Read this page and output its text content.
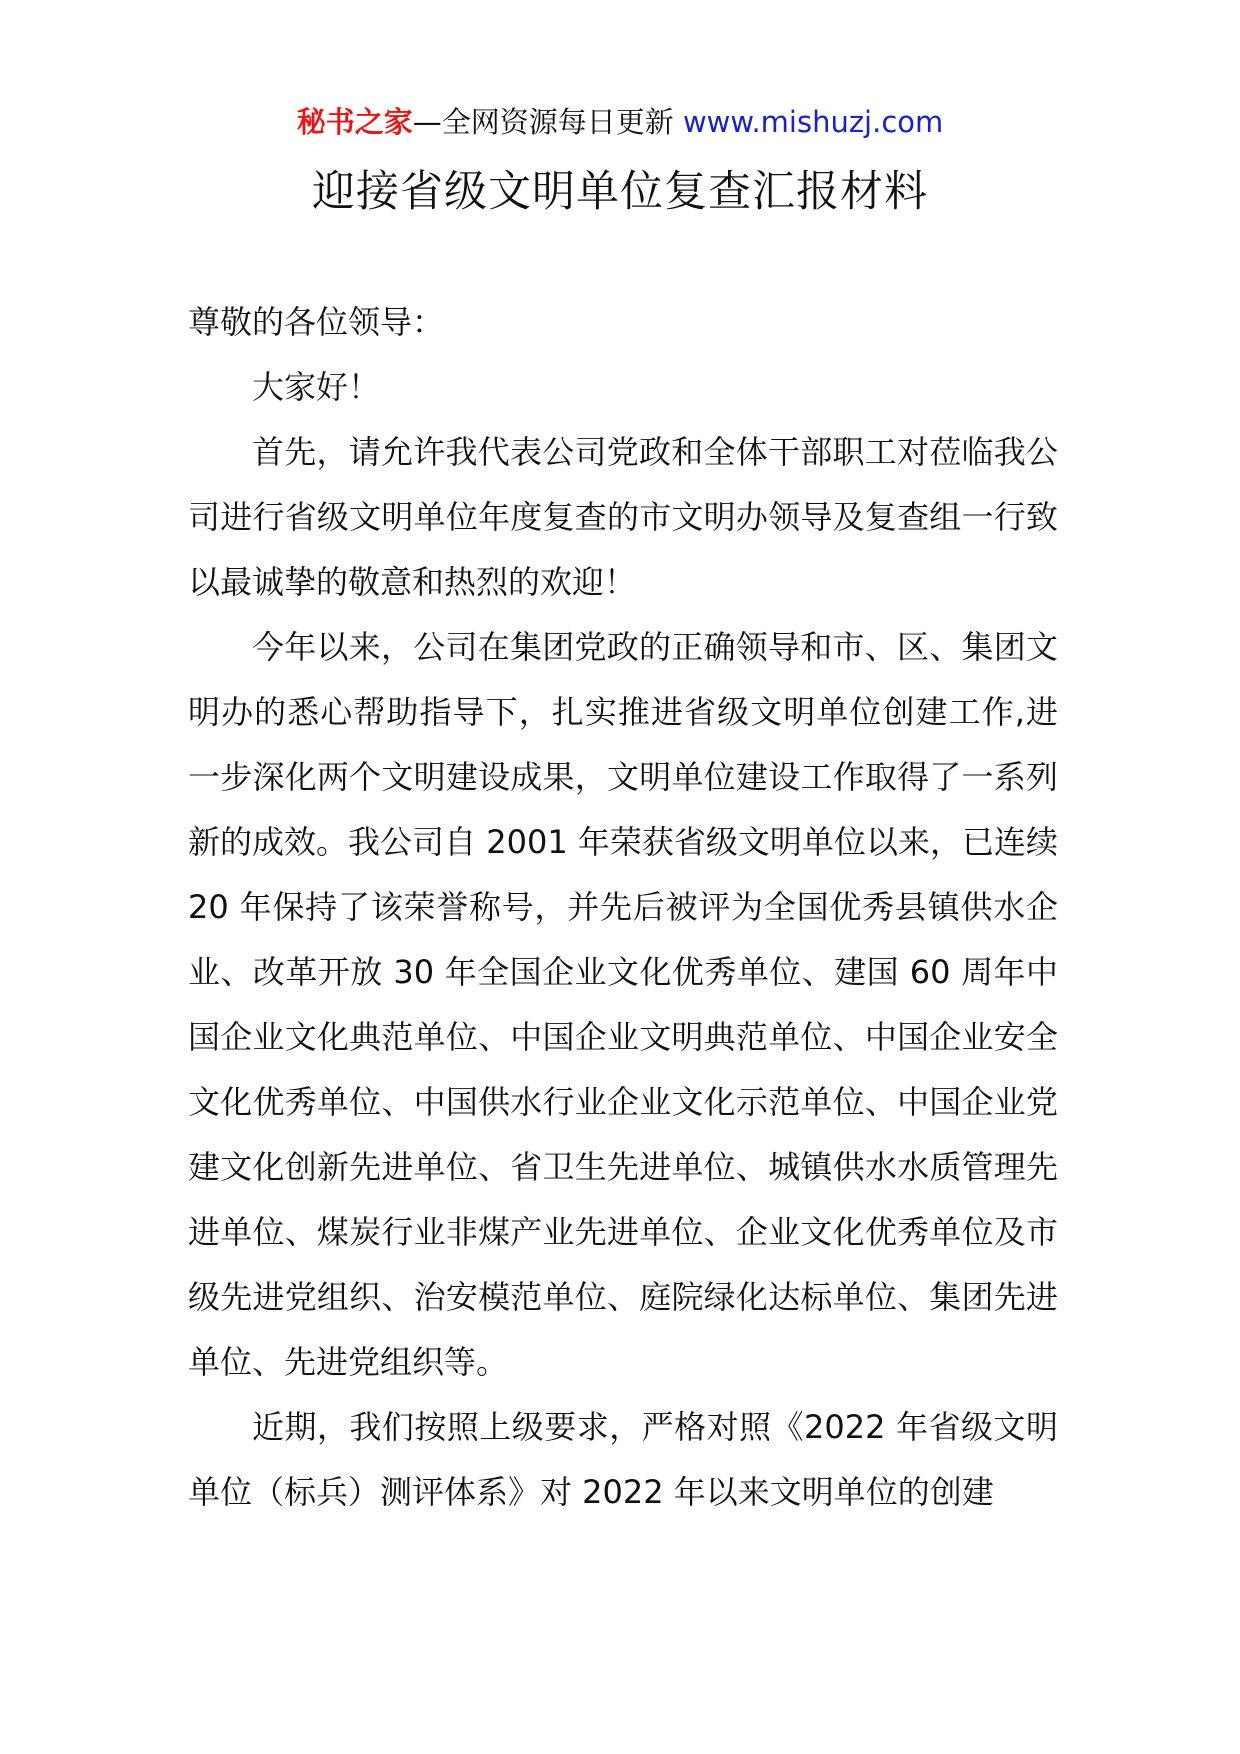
秘书之家—全网资源每日更新 www.mishuzj.com
迎接省级文明单位复查汇报材料

尊敬的各位领导：

大家好！

首先，请允许我代表公司党政和全体干部职工对莅临我公司进行省级文明单位年度复查的市文明办领导及复查组一行致以最诚挚的敬意和热烈的欢迎！

今年以来，公司在集团党政的正确领导和市、区、集团文明办的悉心帮助指导下，扎实推进省级文明单位创建工作,进一步深化两个文明建设成果，文明单位建设工作取得了一系列新的成效。我公司自 2001 年荣获省级文明单位以来，已连续 20 年保持了该荣誉称号，并先后被评为全国优秀县镇供水企业、改革开放 30 年全国企业文化优秀单位、建国 60 周年中国企业文化典范单位、中国企业文明典范单位、中国企业安全文化优秀单位、中国供水行业企业文化示范单位、中国企业党建文化创新先进单位、省卫生先进单位、城镇供水水质管理先进单位、煤炭行业非煤产业先进单位、企业文化优秀单位及市级先进党组织、治安模范单位、庭院绿化达标单位、集团先进单位、先进党组织等。

近期，我们按照上级要求，严格对照《2022 年省级文明单位（标兵）测评体系》对 2022 年以来文明单位的创建
